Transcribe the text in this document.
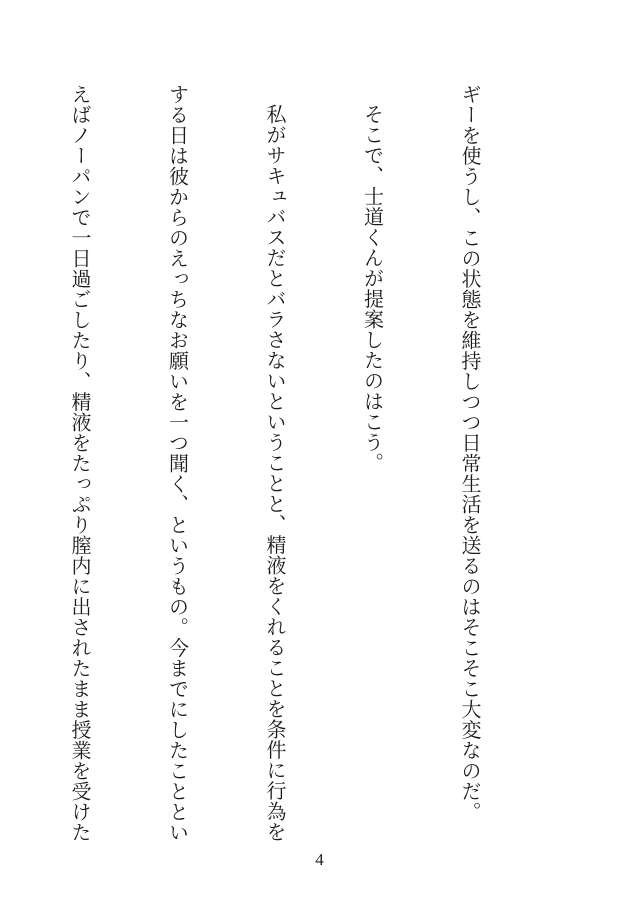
ギーを使うし、この状態を維持しつつ日常生活を送るのはそこそこ大変なのだ。

そこで、士道くんが提案したのはこう。

私がサキュバスだとバラさないということと、精液をくれることを条件に行為を

する日は彼からのえっちなお願いを一つ聞く、というもの。今までにしたこととい

えばノーパンで一日過ごしたり、精液をたっぷり膣内に出されたまま授業を受けた

4
